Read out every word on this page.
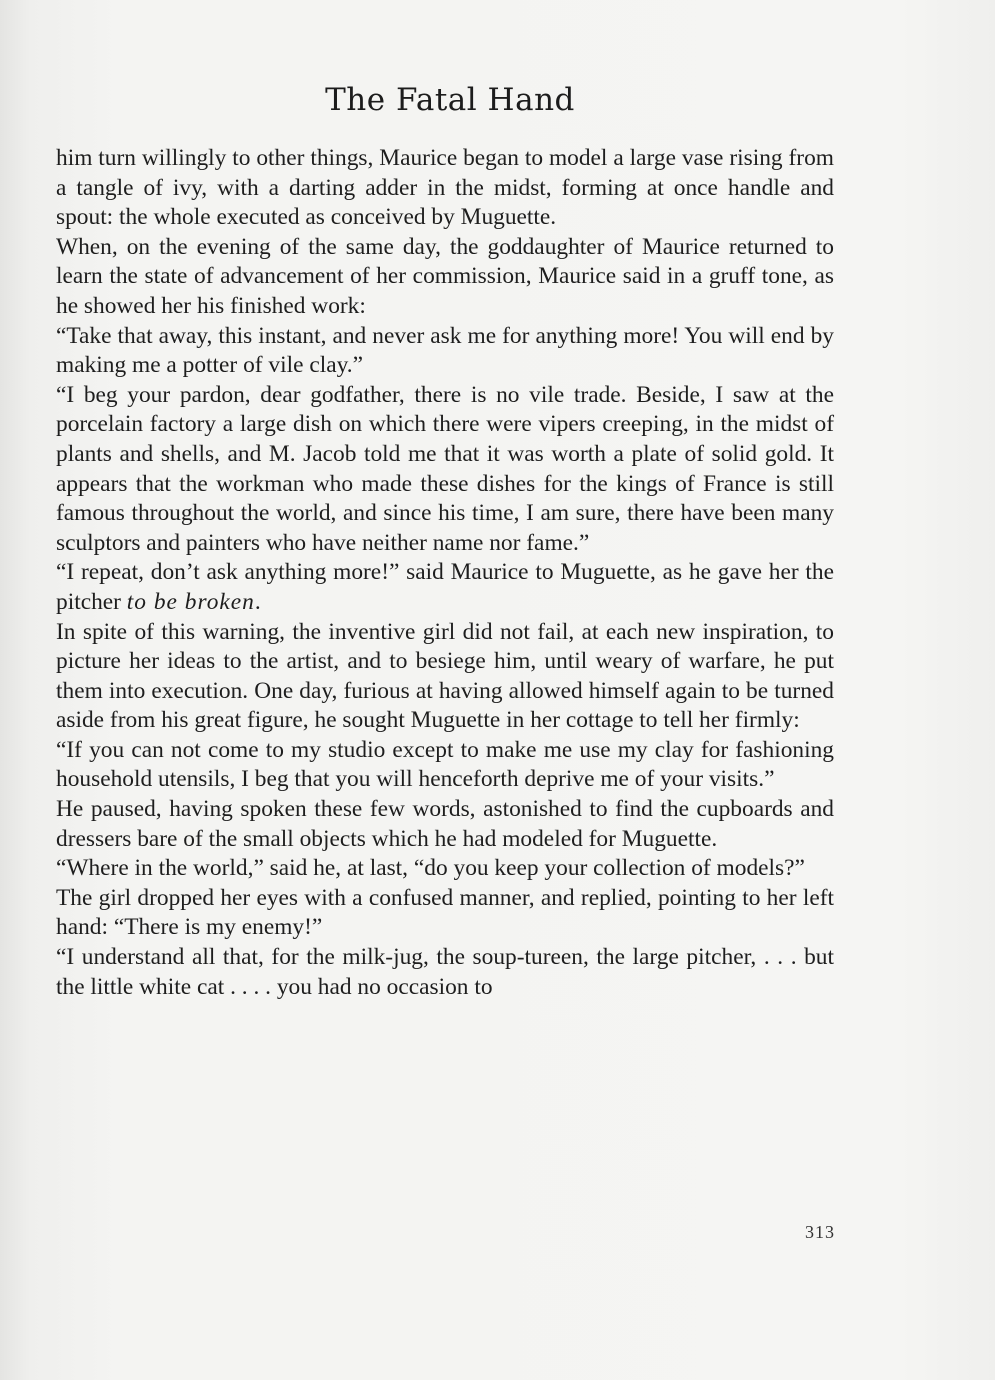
The Fatal Hand

him turn willingly to other things, Maurice began to model a large vase rising from a tangle of ivy, with a darting adder in the midst, forming at once handle and spout: the whole executed as conceived by Muguette.

When, on the evening of the same day, the goddaughter of Maurice returned to learn the state of advancement of her commission, Maurice said in a gruff tone, as he showed her his finished work:

“Take that away, this instant, and never ask me for anything more! You will end by making me a potter of vile clay.”

“I beg your pardon, dear godfather, there is no vile trade. Beside, I saw at the porcelain factory a large dish on which there were vipers creeping, in the midst of plants and shells, and M. Jacob told me that it was worth a plate of solid gold. It appears that the workman who made these dishes for the kings of France is still famous throughout the world, and since his time, I am sure, there have been many sculptors and painters who have neither name nor fame.”

“I repeat, don’t ask anything more!” said Maurice to Muguette, as he gave her the pitcher to be broken.

In spite of this warning, the inventive girl did not fail, at each new inspiration, to picture her ideas to the artist, and to besiege him, until weary of warfare, he put them into execution. One day, furious at having allowed himself again to be turned aside from his great figure, he sought Muguette in her cottage to tell her firmly:

“If you can not come to my studio except to make me use my clay for fashioning household utensils, I beg that you will henceforth deprive me of your visits.”

He paused, having spoken these few words, astonished to find the cupboards and dressers bare of the small objects which he had modeled for Muguette.

“Where in the world,” said he, at last, “do you keep your collection of models?”

The girl dropped her eyes with a confused manner, and replied, pointing to her left hand: “There is my enemy!”

“I understand all that, for the milk-jug, the soup-tureen, the large pitcher, . . . but the little white cat . . . . you had no occasion to

313
